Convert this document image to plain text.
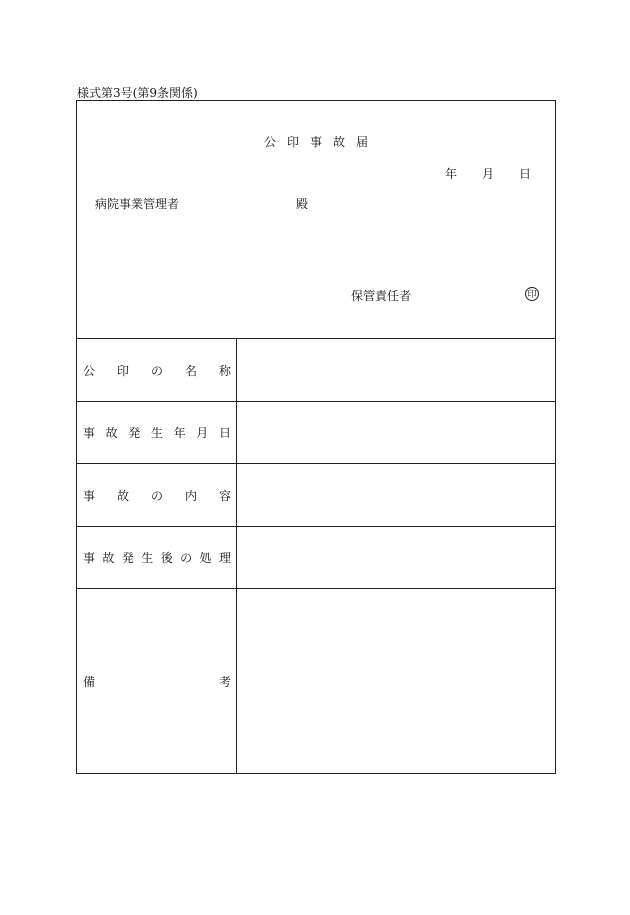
様式第3号(第9条関係)
公印事故届
年 月 日
病院事業管理者	殿
保管責任者	印
公 印 の 名 称
事 故 発 生 年 月 日
事 故 の 内 容
事 故 発 生 後 の 処 理
備	考
